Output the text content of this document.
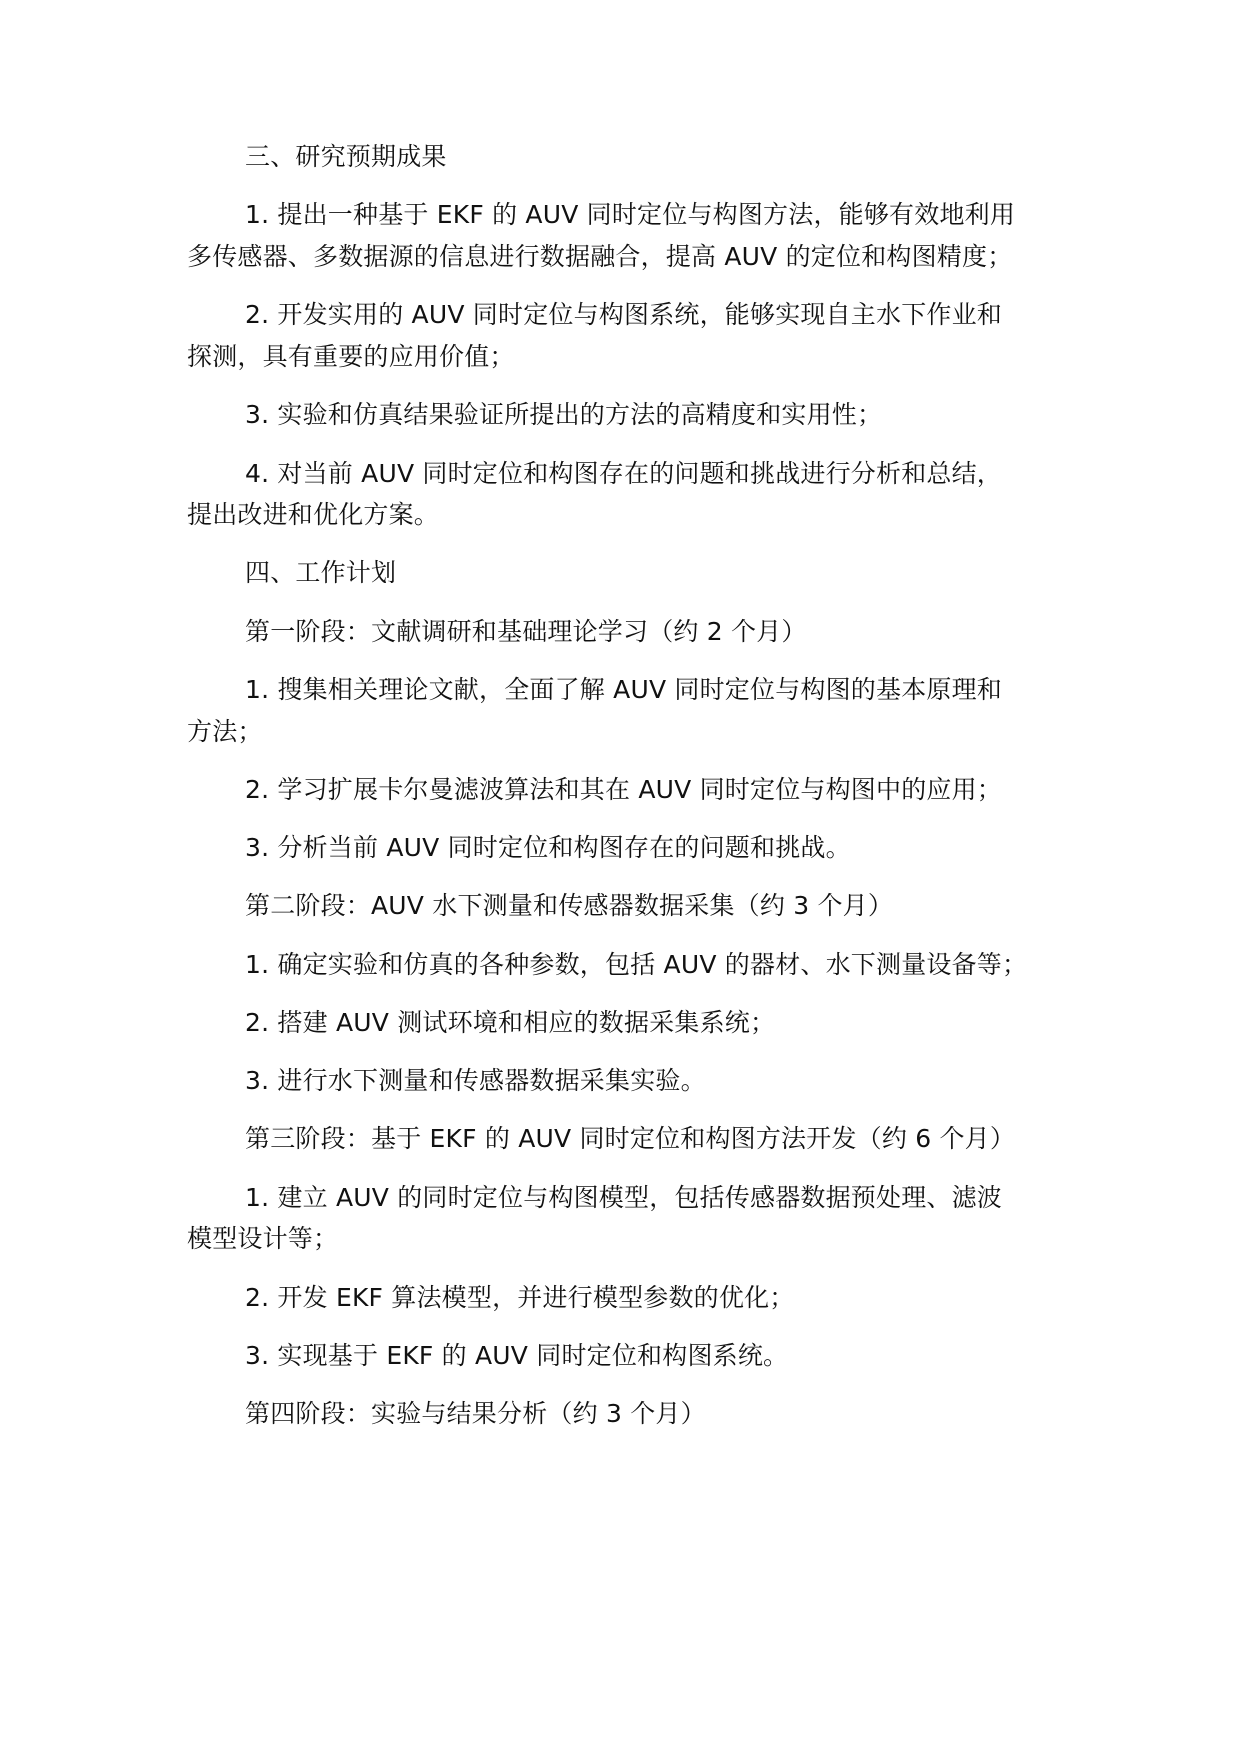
三、研究预期成果
1. 提出一种基于 EKF 的 AUV 同时定位与构图方法，能够有效地利用
多传感器、多数据源的信息进行数据融合，提高 AUV 的定位和构图精度；
2. 开发实用的 AUV 同时定位与构图系统，能够实现自主水下作业和
探测，具有重要的应用价值；
3. 实验和仿真结果验证所提出的方法的高精度和实用性；
4. 对当前 AUV 同时定位和构图存在的问题和挑战进行分析和总结，
提出改进和优化方案。
四、工作计划
第一阶段：文献调研和基础理论学习（约 2 个月）
1. 搜集相关理论文献，全面了解 AUV 同时定位与构图的基本原理和
方法；
2. 学习扩展卡尔曼滤波算法和其在 AUV 同时定位与构图中的应用；
3. 分析当前 AUV 同时定位和构图存在的问题和挑战。
第二阶段：AUV 水下测量和传感器数据采集（约 3 个月）
1. 确定实验和仿真的各种参数，包括 AUV 的器材、水下测量设备等；
2. 搭建 AUV 测试环境和相应的数据采集系统；
3. 进行水下测量和传感器数据采集实验。
第三阶段：基于 EKF 的 AUV 同时定位和构图方法开发（约 6 个月）
1. 建立 AUV 的同时定位与构图模型，包括传感器数据预处理、滤波
模型设计等；
2. 开发 EKF 算法模型，并进行模型参数的优化；
3. 实现基于 EKF 的 AUV 同时定位和构图系统。
第四阶段：实验与结果分析（约 3 个月）
